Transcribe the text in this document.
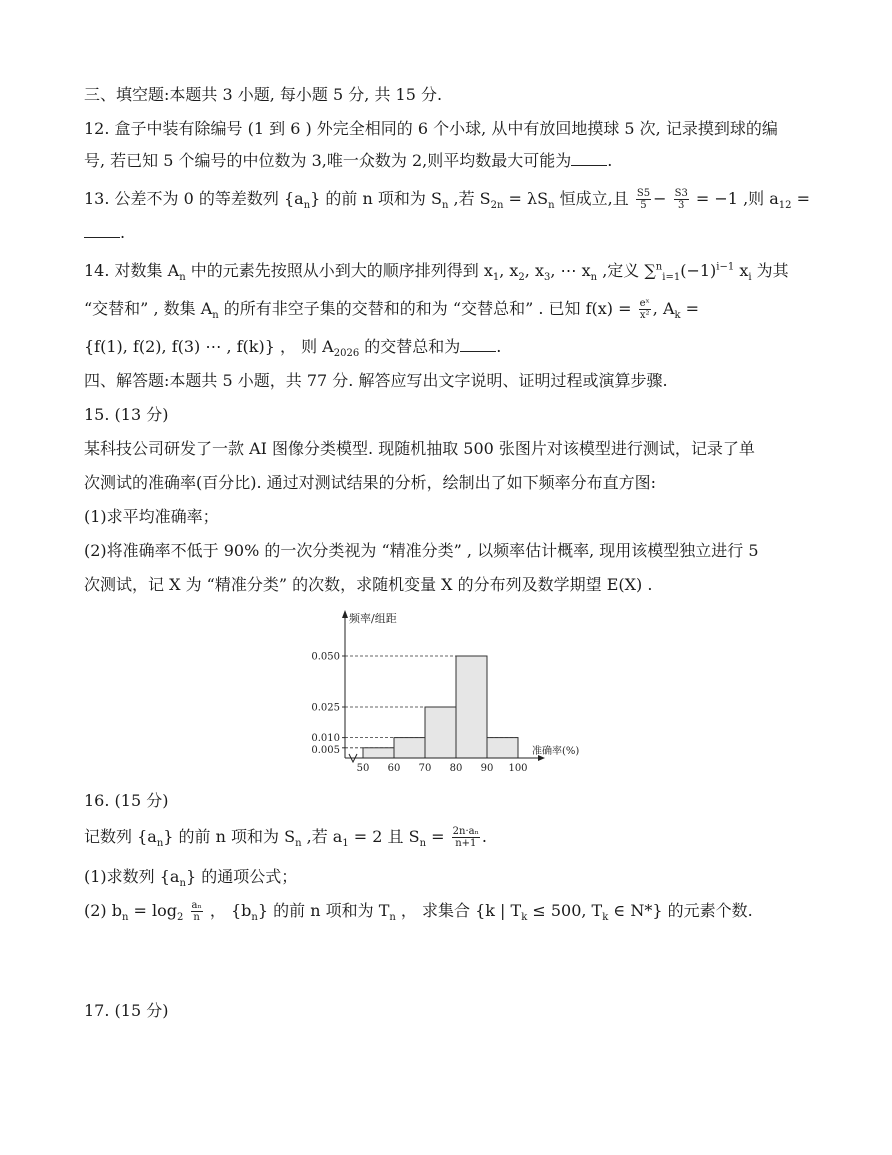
三、填空题:本题共 3 小题, 每小题 5 分, 共 15 分.
12. 盒子中装有除编号 (1 到 6 ) 外完全相同的 6 个小球, 从中有放回地摸球 5 次, 记录摸到球的编
号, 若已知 5 个编号的中位数为 3,唯一众数为 2,则平均数最大可能为 .
13. 公差不为 0 的等差数列 $\{a_n\}$ 的前 n 项和为 $S_n$ ,若 $S_{2n} = \lambda S_n$ 恒成立,且 $\frac{S5}{5} - \frac{S3}{3} = -1$ ,则 $a_{12}$ =
.
14. 对数集 $A_n$ 中的元素先按照从小到大的顺序排列得到 $x_1$, $x_2$, $x_3$, ⋯ $x_n$ ,定义 $\sum^n_{i=1}(-1)^{i-1}$ $x_i$ 为其
“交替和” , 数集 $A_n$ 的所有非空子集的交替和的和为 “交替总和” . 已知 $f(x) = \frac{\text{eˣ}}{\text{x²}}$ , $A_k$ =
{f(1), f(2), f(3) ⋯ , f(k)} ， 则 $A_{2026}$ 的交替总和为 .
四、解答题:本题共 5 小题，共 77 分. 解答应写出文字说明、证明过程或演算步骤.
15. (13 分)
某科技公司研发了一款 AI 图像分类模型. 现随机抽取 500 张图片对该模型进行测试，记录了单
次测试的准确率(百分比). 通过对测试结果的分析，绘制出了如下频率分布直方图:
(1)求平均准确率；
(2)将准确率不低于 90% 的一次分类视为 “精准分类” , 以频率估计概率, 现用该模型独立进行 5
次测试，记 X 为 “精准分类” 的次数，求随机变量 X 的分布列及数学期望 E(X) .
0.050
0.025
0.010
0.005
50 60 70 80 90 100
频率/组距
准确率(%)
16. (15 分)
记数列 $\{a_n\}$ 的前 n 项和为 $S_n$ ,若 $a_1 = 2$ 且 $S_n = \frac{\text{2n·aₙ}}{n+1}$ .
(1)求数列 $\{a_n\}$ 的通项公式；
(2) $b_n = \log_2 \frac{\text{aₙ}}{n}$ ， $\{b_n\}$ 的前 n 项和为 $T_n$ ， 求集合 {k | $T_k \le 500$, $T_k$ ∈ N*} 的元素个数.
17. (15 分)
